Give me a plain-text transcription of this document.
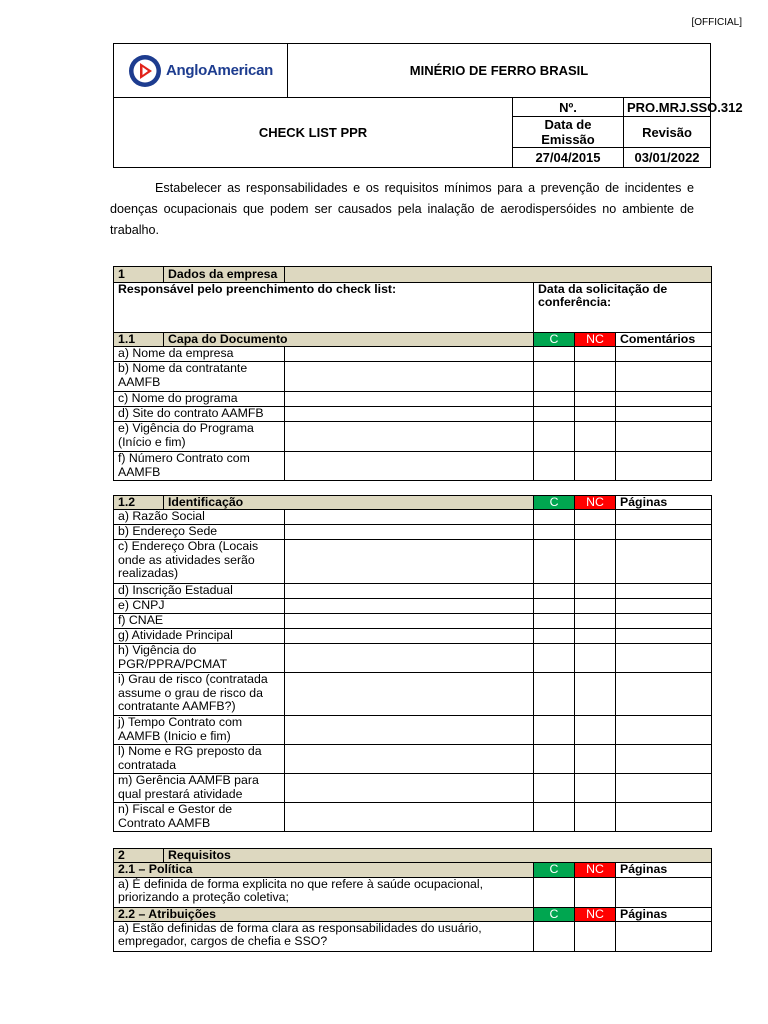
[OFFICIAL]
AngloAmerican	MINÉRIO DE FERRO BRASIL		
CHECK LIST PPR		Nº.	PRO.MRJ.SSO.312
		Data de Emissão	Revisão
		27/04/2015	03/01/2022

Estabelecer as responsabilidades e os requisitos mínimos para a prevenção de incidentes e doenças ocupacionais que podem ser causados pela inalação de aerodispersóides no ambiente de trabalho.

1	Dados da empresa				
Responsável pelo preenchimento do check list:			Data da solicitação de conferência:		
1.1	Capa do Documento		C	NC	Comentários
a) Nome da empresa					
b) Nome da contratante AAMFB					
c) Nome do programa					
d) Site do contrato AAMFB					
e) Vigência do Programa (Início e fim)					
f) Número Contrato com AAMFB					
1.2	Identificação		C	NC	Páginas
a) Razão Social					
b) Endereço Sede					
c) Endereço Obra (Locais onde as atividades serão realizadas)					
d) Inscrição Estadual					
e) CNPJ					
f) CNAE					
g) Atividade Principal					
h) Vigência do PGR/PPRA/PCMAT					
i) Grau de risco (contratada assume o grau de risco da contratante AAMFB?)					
j) Tempo Contrato com AAMFB (Inicio e fim)					
l) Nome e RG preposto da contratada					
m) Gerência AAMFB para qual prestará atividade					
n) Fiscal e Gestor de Contrato AAMFB					
2	Requisitos			
2.1 – Política		C	NC	Páginas
a) É definida de forma explicita no que refere à saúde ocupacional, priorizando a proteção coletiva;				
2.2 – Atribuições		C	NC	Páginas
a) Estão definidas de forma clara as responsabilidades do usuário, empregador, cargos de chefia e SSO?				
